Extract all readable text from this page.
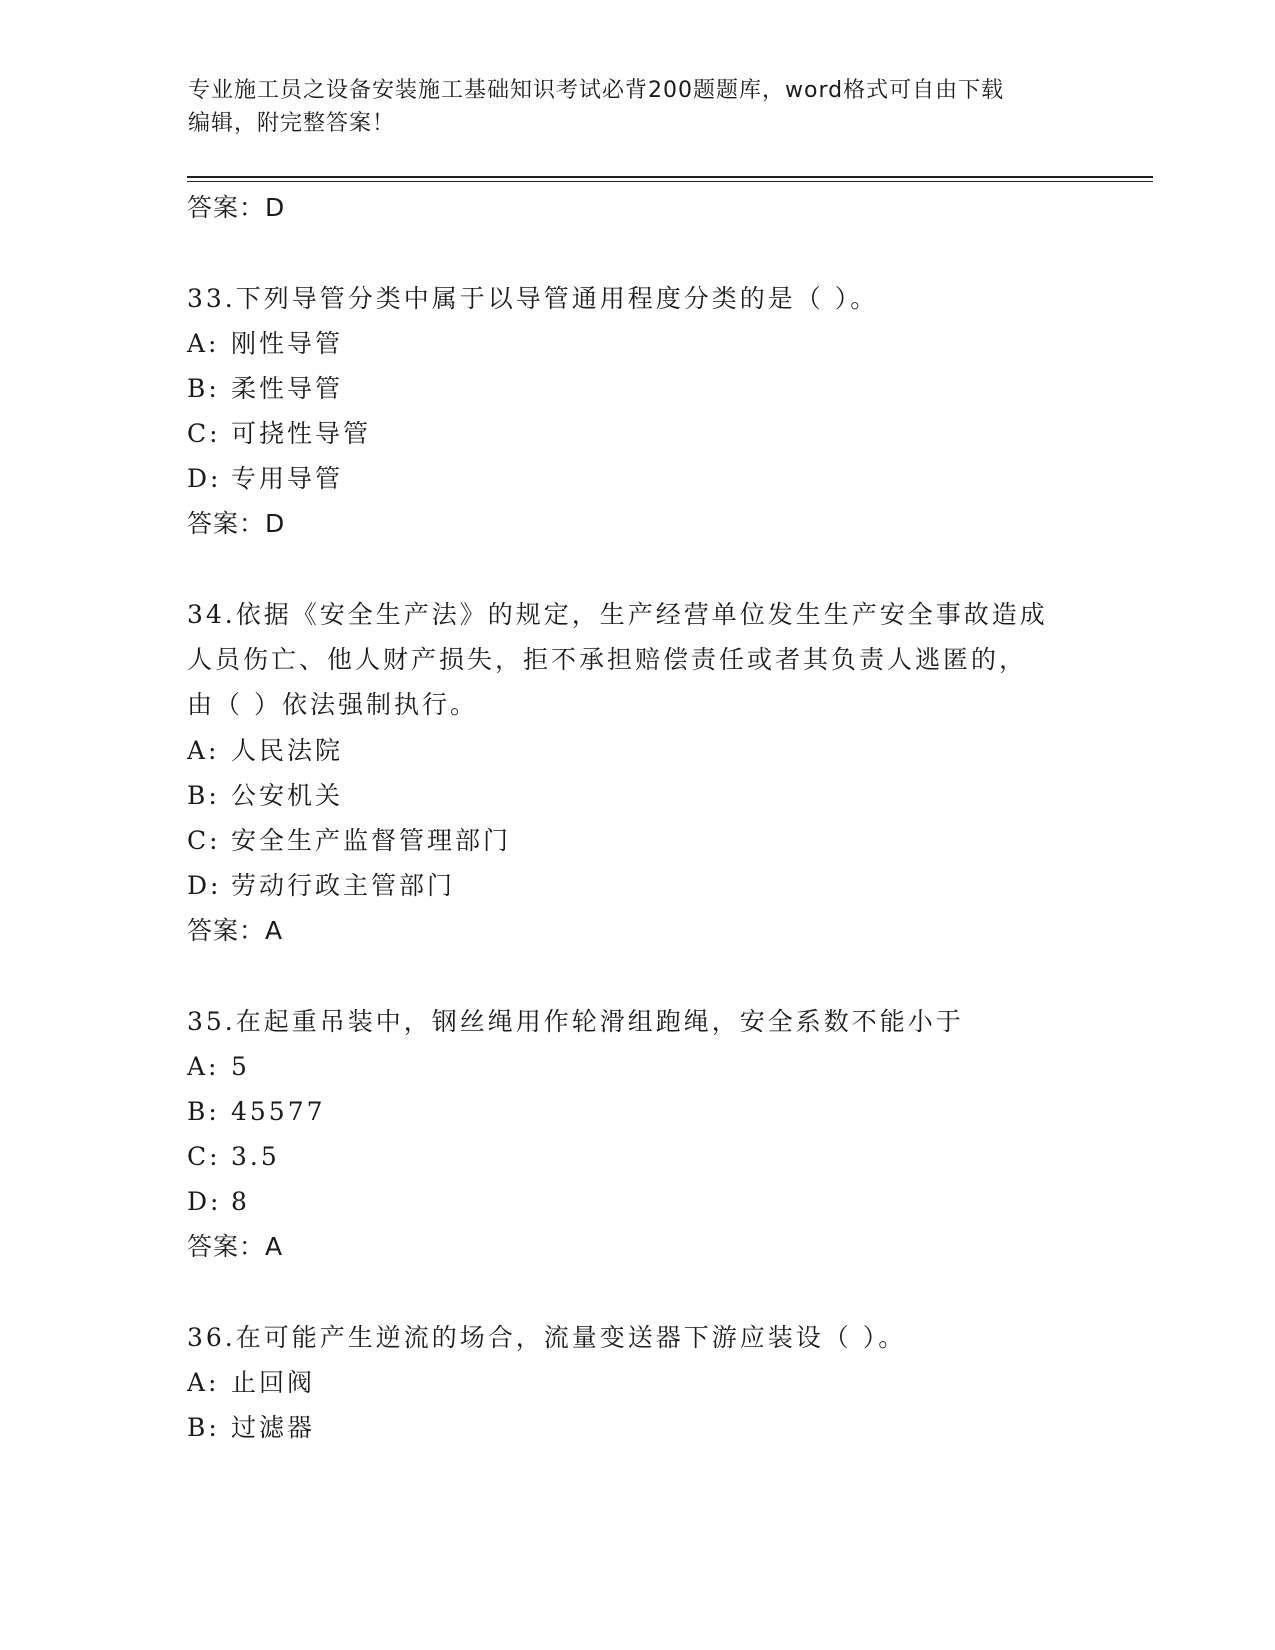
专业施工员之设备安装施工基础知识考试必背200题题库，word格式可自由下载
编辑，附完整答案！
答案：D
33.下列导管分类中属于以导管通用程度分类的是（ ）。
A: 刚性导管
B: 柔性导管
C: 可挠性导管
D: 专用导管
答案：D
34.依据《安全生产法》的规定，生产经营单位发生生产安全事故造成
人员伤亡、他人财产损失，拒不承担赔偿责任或者其负责人逃匿的，
由（ ）依法强制执行。
A: 人民法院
B: 公安机关
C: 安全生产监督管理部门
D: 劳动行政主管部门
答案：A
35.在起重吊装中，钢丝绳用作轮滑组跑绳，安全系数不能小于
A: 5
B: 45577
C: 3.5
D: 8
答案：A
36.在可能产生逆流的场合，流量变送器下游应装设（ ）。
A: 止回阀
B: 过滤器
